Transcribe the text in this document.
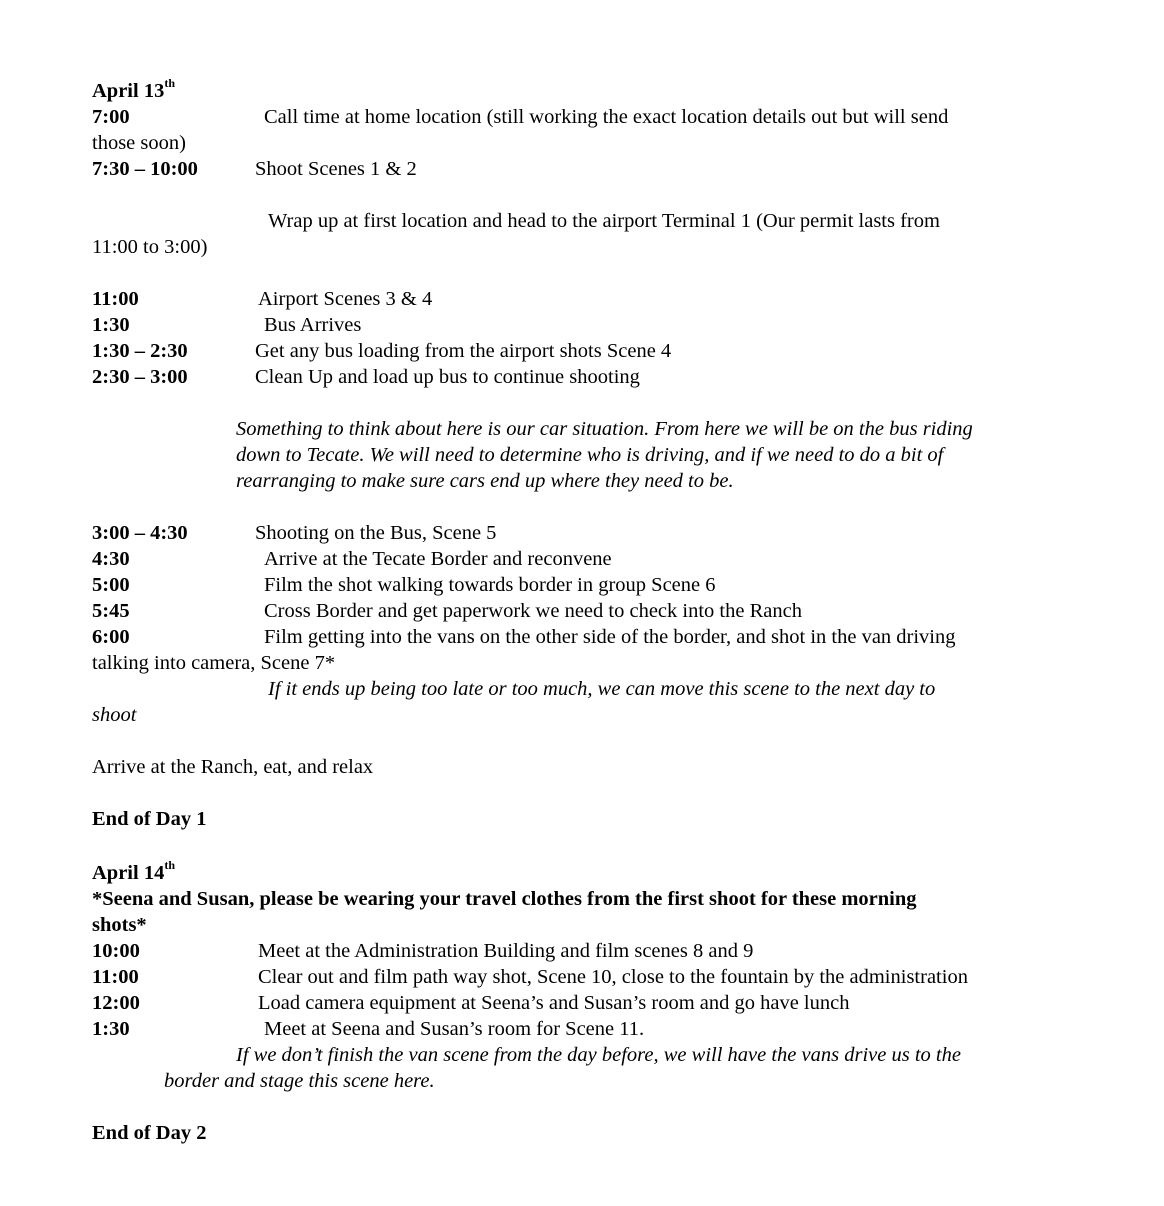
April 13th
7:00	Call time at home location (still working the exact location details out but will send
those soon)
7:30 – 10:00	Shoot Scenes 1 & 2
Wrap up at first location and head to the airport Terminal 1 (Our permit lasts from
11:00 to 3:00)
11:00	Airport Scenes 3 & 4
1:30	Bus Arrives
1:30 – 2:30	Get any bus loading from the airport shots Scene 4
2:30 – 3:00	Clean Up and load up bus to continue shooting
Something to think about here is our car situation. From here we will be on the bus riding
down to Tecate. We will need to determine who is driving, and if we need to do a bit of
rearranging to make sure cars end up where they need to be.
3:00 – 4:30	Shooting on the Bus, Scene 5
4:30	Arrive at the Tecate Border and reconvene
5:00	Film the shot walking towards border in group Scene 6
5:45	Cross Border and get paperwork we need to check into the Ranch
6:00	Film getting into the vans on the other side of the border, and shot in the van driving
talking into camera, Scene 7*
If it ends up being too late or too much, we can move this scene to the next day to
shoot
Arrive at the Ranch, eat, and relax
End of Day 1
April 14th
*Seena and Susan, please be wearing your travel clothes from the first shoot for these morning
shots*
10:00	Meet at the Administration Building and film scenes 8 and 9
11:00	Clear out and film path way shot, Scene 10, close to the fountain by the administration
12:00	Load camera equipment at Seena’s and Susan’s room and go have lunch
1:30	Meet at Seena and Susan’s room for Scene 11.
If we don’t finish the van scene from the day before, we will have the vans drive us to the
border and stage this scene here.
End of Day 2
